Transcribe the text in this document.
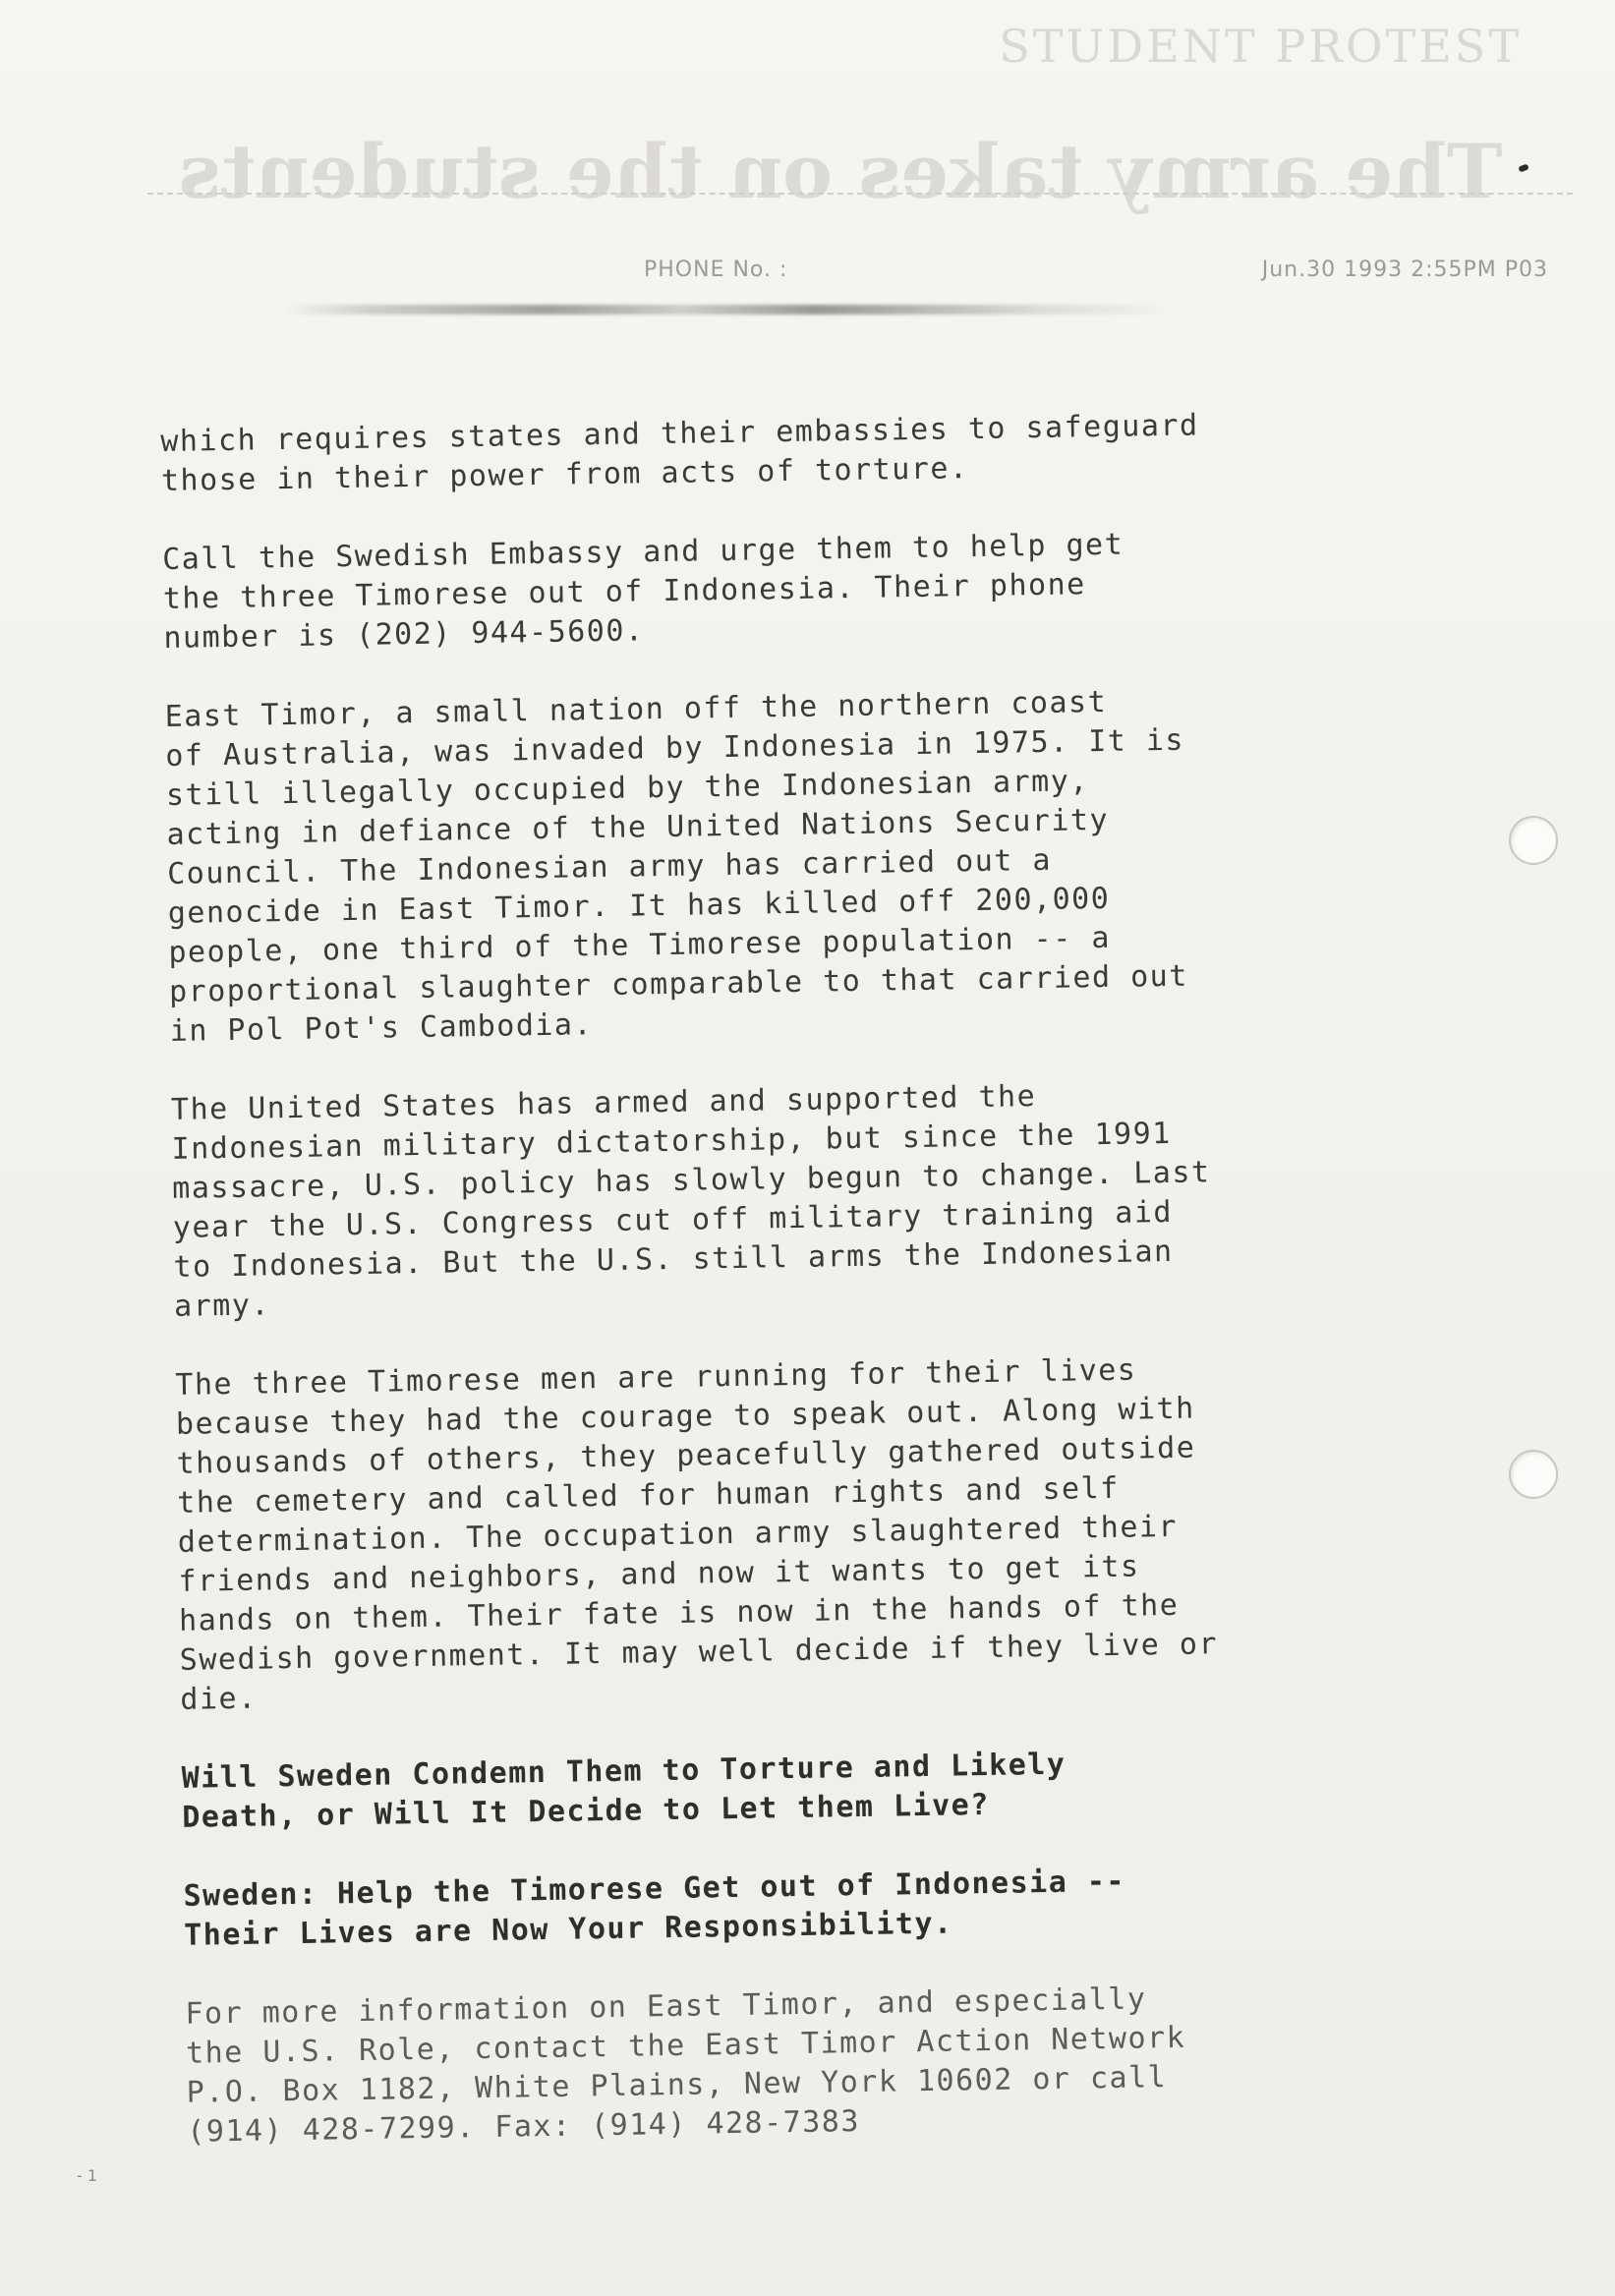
STUDENT PROTEST
The army takes on the students
PHONE No. :	Jun.30 1993 2:55PM P03

which requires states and their embassies to safeguard
those in their power from acts of torture.

Call the Swedish Embassy and urge them to help get
the three Timorese out of Indonesia. Their phone
number is (202) 944-5600.

East Timor, a small nation off the northern coast
of Australia, was invaded by Indonesia in 1975. It is
still illegally occupied by the Indonesian army,
acting in defiance of the United Nations Security
Council. The Indonesian army has carried out a
genocide in East Timor. It has killed off 200,000
people, one third of the Timorese population -- a
proportional slaughter comparable to that carried out
in Pol Pot's Cambodia.

The United States has armed and supported the
Indonesian military dictatorship, but since the 1991
massacre, U.S. policy has slowly begun to change. Last
year the U.S. Congress cut off military training aid
to Indonesia. But the U.S. still arms the Indonesian
army.

The three Timorese men are running for their lives
because they had the courage to speak out. Along with
thousands of others, they peacefully gathered outside
the cemetery and called for human rights and self
determination. The occupation army slaughtered their
friends and neighbors, and now it wants to get its
hands on them. Their fate is now in the hands of the
Swedish government. It may well decide if they live or
die.

Will Sweden Condemn Them to Torture and Likely
Death, or Will It Decide to Let them Live?

Sweden: Help the Timorese Get out of Indonesia --
Their Lives are Now Your Responsibility.

For more information on East Timor, and especially
the U.S. Role, contact the East Timor Action Network
P.O. Box 1182, White Plains, New York 10602 or call
(914) 428-7299. Fax: (914) 428-7383

- 1
